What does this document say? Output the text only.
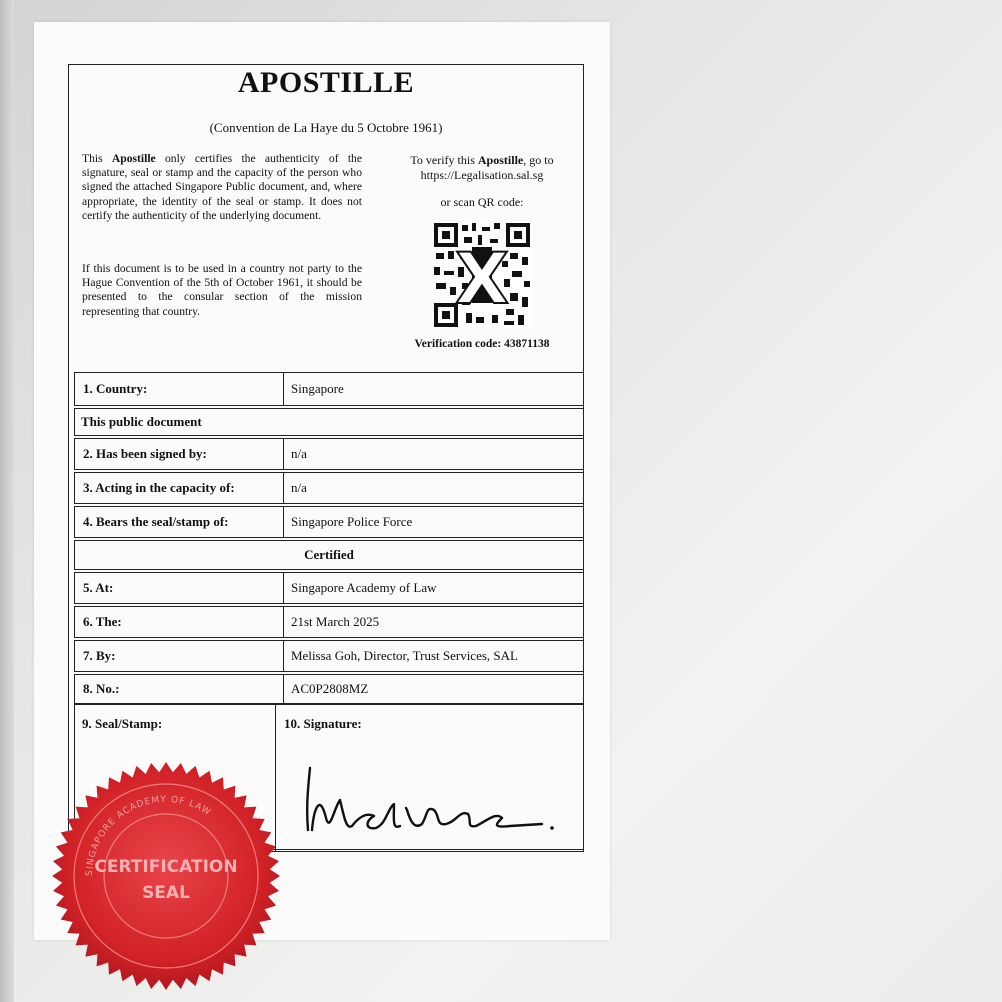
APOSTILLE
(Convention de La Haye du 5 Octobre 1961)
This Apostille only certifies the authenticity of the signature, seal or stamp and the capacity of the person who signed the attached Singapore Public document, and, where appropriate, the identity of the seal or stamp. It does not certify the authenticity of the underlying document.
If this document is to be used in a country not party to the Hague Convention of the 5th of October 1961, it should be presented to the consular section of the mission representing that country.
To verify this Apostille, go to
https://Legalisation.sal.sg
or scan QR code:
X
Verification code: 43871138
1. Country:	Singapore
This public document
2. Has been signed by:	n/a
3. Acting in the capacity of:	n/a
4. Bears the seal/stamp of:	Singapore Police Force
Certified
5. At:	Singapore Academy of Law
6. The:	21st March 2025
7. By:	Melissa Goh, Director, Trust Services, SAL
8. No.:	AC0P2808MZ
9. Seal/Stamp:	10. Signature:
SINGAPORE ACADEMY OF LAW
CERTIFICATION
SEAL
